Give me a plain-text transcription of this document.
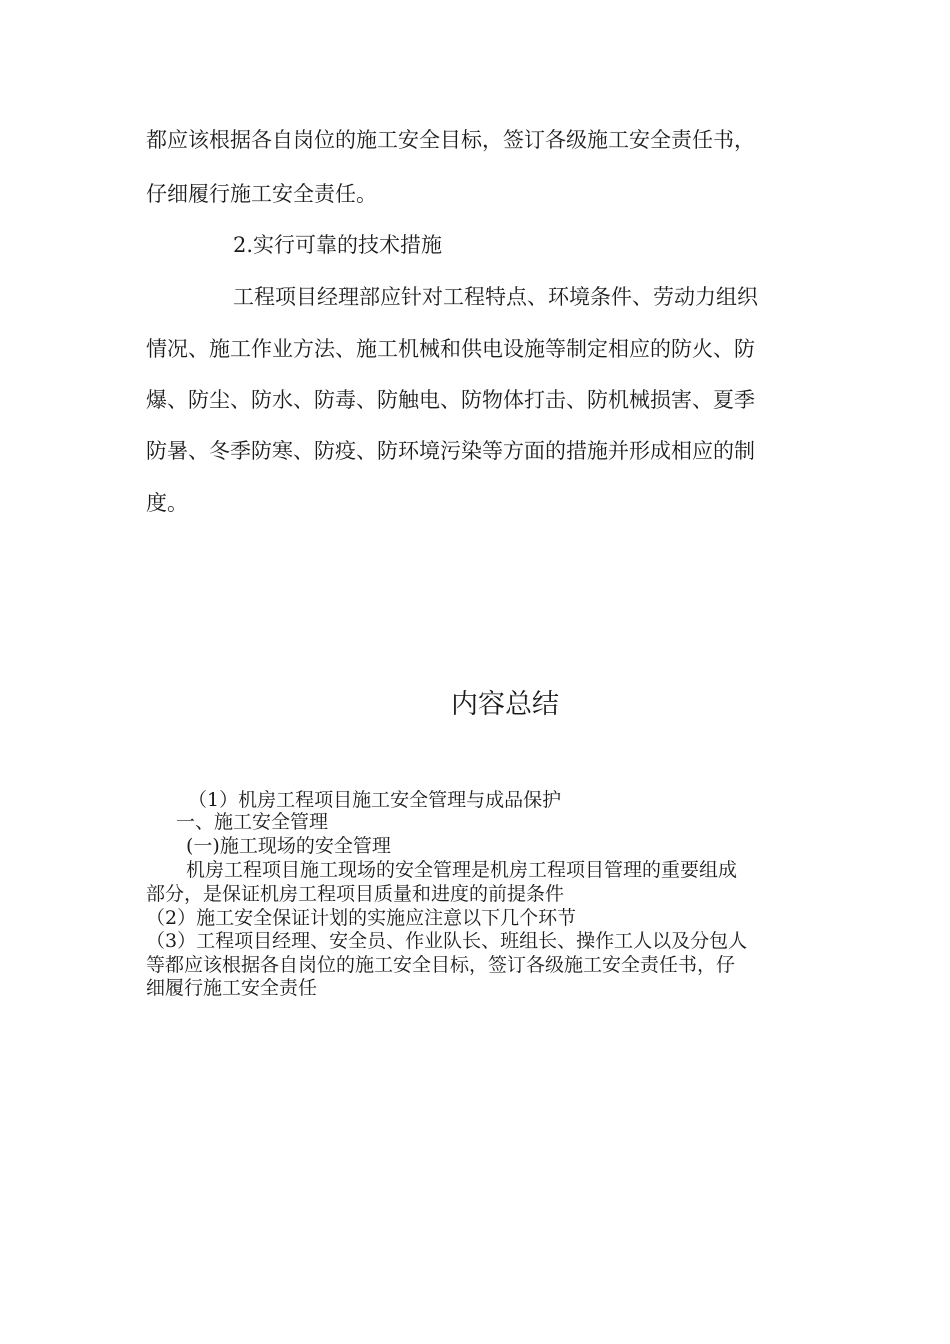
都应该根据各自岗位的施工安全目标，签订各级施工安全责任书，

仔细履行施工安全责任。

2.实行可靠的技术措施

工程项目经理部应针对工程特点、环境条件、劳动力组织

情况、施工作业方法、施工机械和供电设施等制定相应的防火、防

爆、防尘、防水、防毒、防触电、防物体打击、防机械损害、夏季

防暑、冬季防寒、防疫、防环境污染等方面的措施并形成相应的制

度。

内容总结

（1）机房工程项目施工安全管理与成品保护

一、施工安全管理

(一)施工现场的安全管理

机房工程项目施工现场的安全管理是机房工程项目管理的重要组成

部分，是保证机房工程项目质量和进度的前提条件

（2）施工安全保证计划的实施应注意以下几个环节

（3）工程项目经理、安全员、作业队长、班组长、操作工人以及分包人

等都应该根据各自岗位的施工安全目标，签订各级施工安全责任书，仔

细履行施工安全责任
